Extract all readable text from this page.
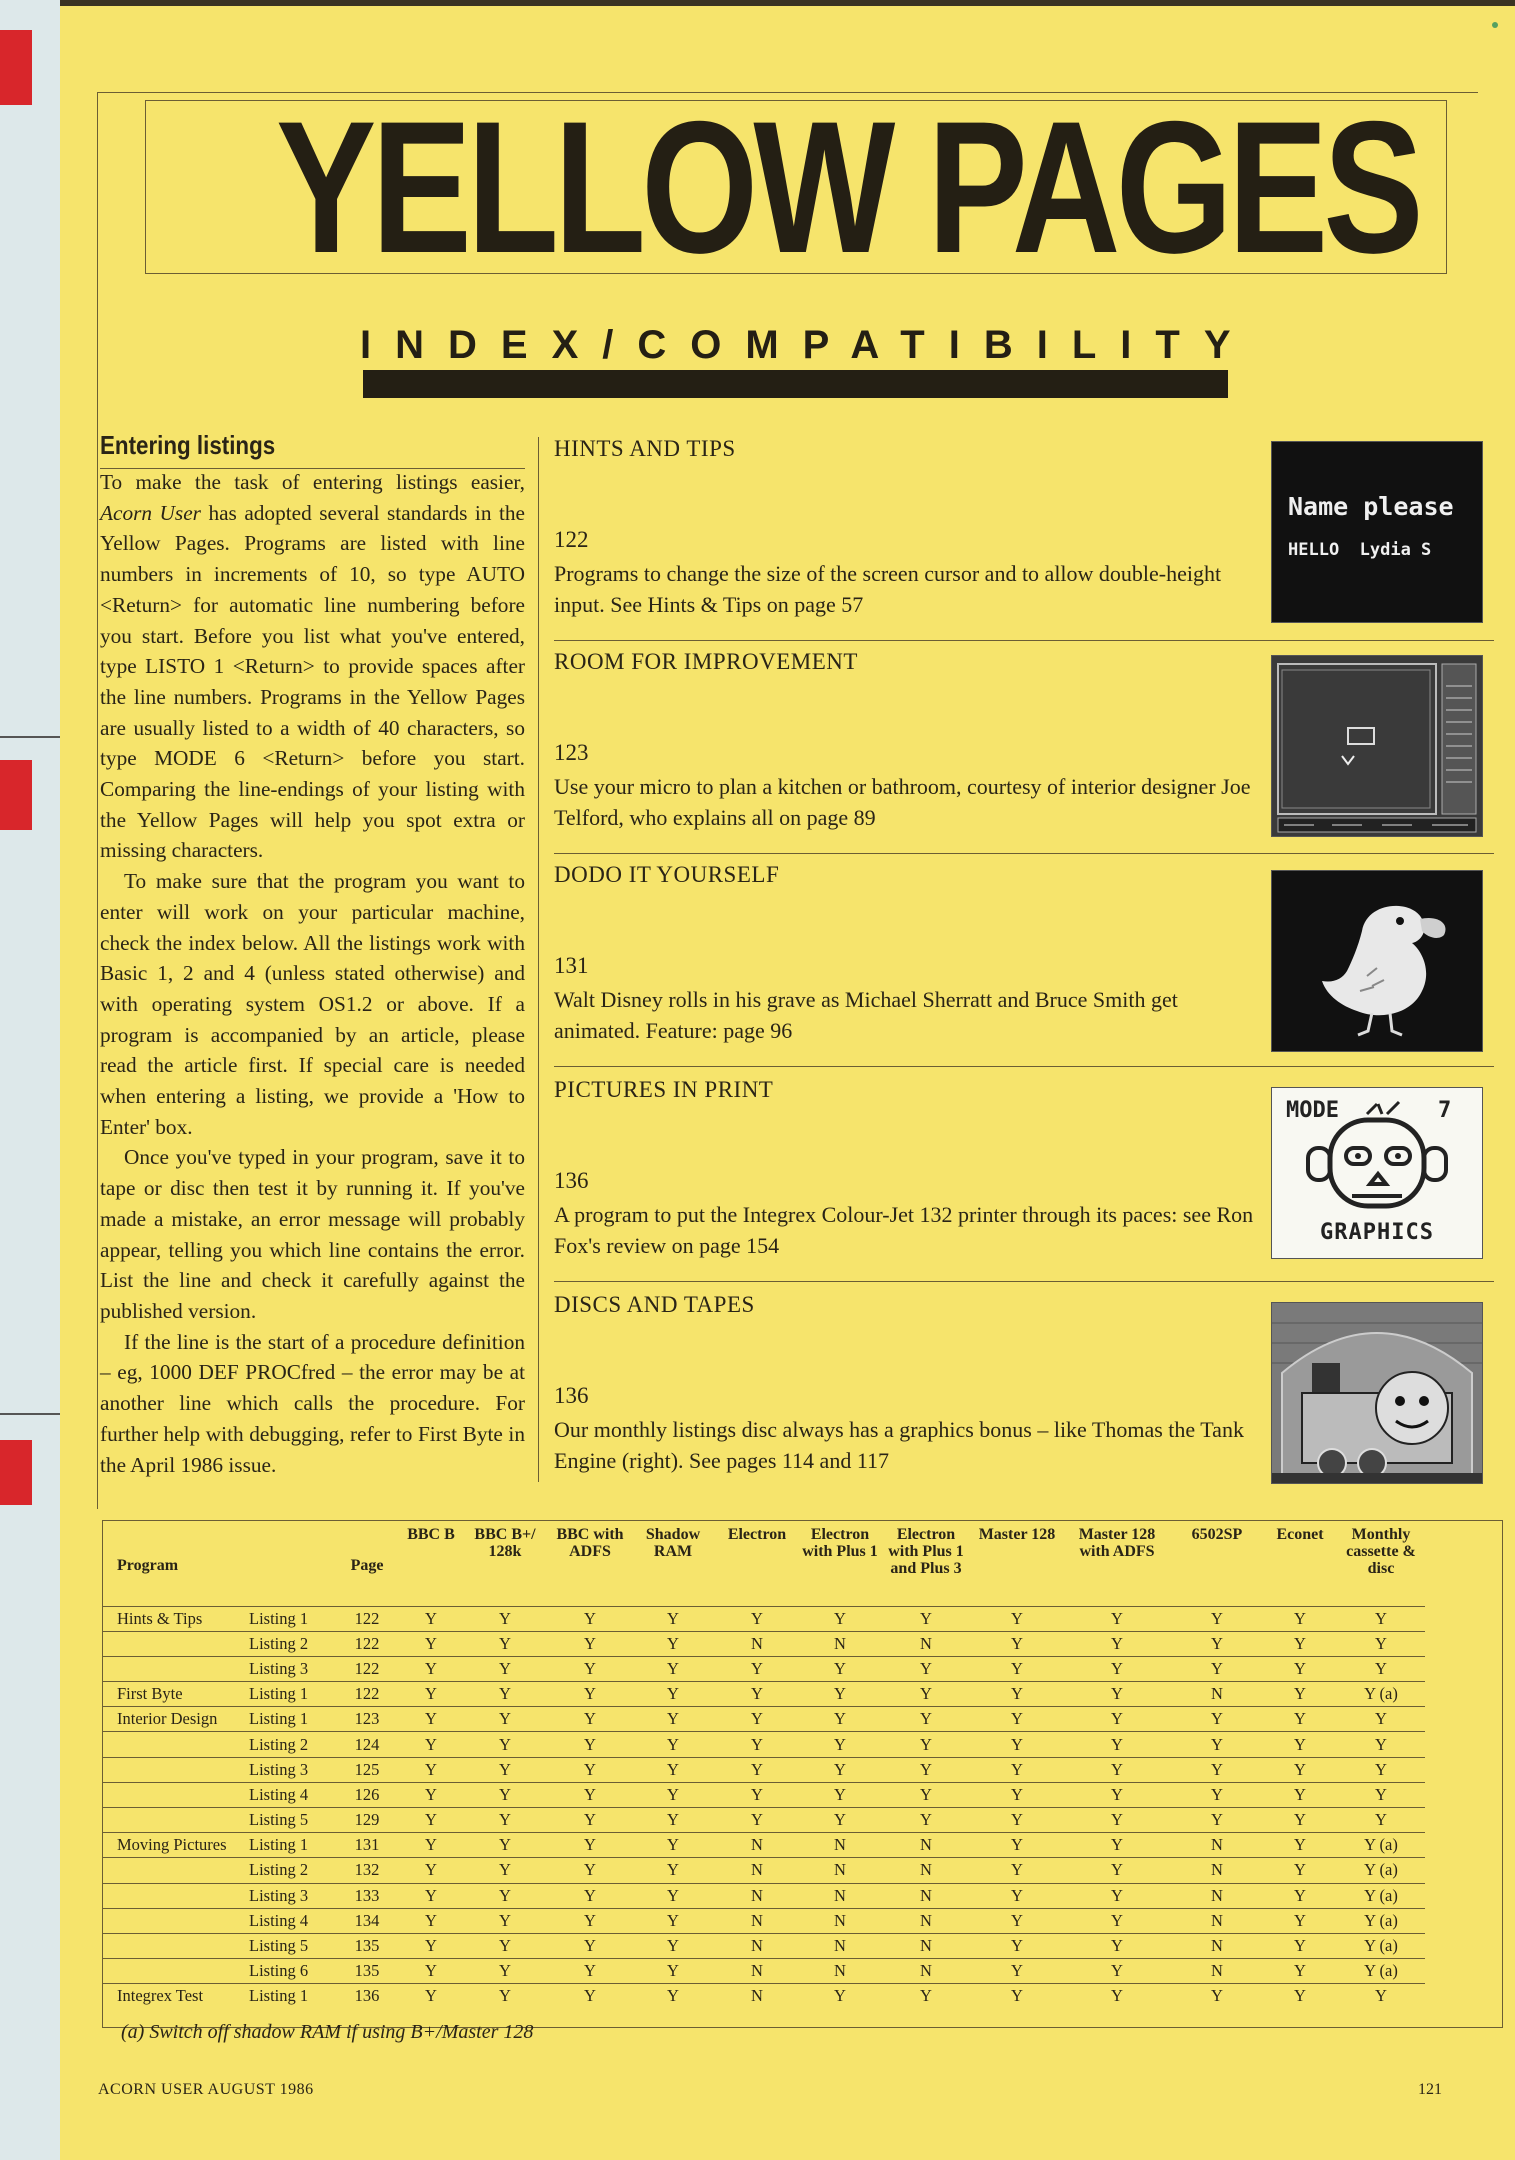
YELLOW PAGES
INDEX/COMPATIBILITY
Entering listings

To make the task of entering listings easier, Acorn User has adopted several standards in the Yellow Pages. Programs are listed with line numbers in increments of 10, so type AUTO <Return> for automatic line numbering before you start. Before you list what you've entered, type LISTO 1 <Return> to provide spaces after the line numbers. Programs in the Yellow Pages are usually listed to a width of 40 characters, so type MODE 6 <Return> before you start. Comparing the line-endings of your listing with the Yellow Pages will help you spot extra or missing characters.

To make sure that the program you want to enter will work on your particular machine, check the index below. All the listings work with Basic 1, 2 and 4 (unless stated otherwise) and with operating system OS1.2 or above. If a program is accompanied by an article, please read the article first. If special care is needed when entering a listing, we provide a 'How to Enter' box.

Once you've typed in your program, save it to tape or disc then test it by running it. If you've made a mistake, an error message will probably appear, telling you which line contains the error. List the line and check it carefully against the published version.

If the line is the start of a procedure definition – eg, 1000 DEF PROCfred – the error may be at another line which calls the procedure. For further help with debugging, refer to First Byte in the April 1986 issue.

HINTS AND TIPS
122
Programs to change the size of the screen cursor and to allow double-height input. See Hints & Tips on page 57
ROOM FOR IMPROVEMENT
123
Use your micro to plan a kitchen or bathroom, courtesy of interior designer Joe Telford, who explains all on page 89
DODO IT YOURSELF
131
Walt Disney rolls in his grave as Michael Sherratt and Bruce Smith get animated. Feature: page 96
PICTURES IN PRINT
136
A program to put the Integrex Colour-Jet 132 printer through its paces: see Ron Fox's review on page 154
DISCS AND TAPES
136
Our monthly listings disc always has a graphics bonus – like Thomas the Tank Engine (right). See pages 114 and 117
Name please
HELLO  Lydia S
MODE	7
GRAPHICS
Program		Page	BBC B	BBC B+/ 128k	BBC with ADFS	Shadow RAM	Electron	Electron with Plus 1	Electron with Plus 1 and Plus 3	Master 128	Master 128 with ADFS	6502SP	Econet	Monthly cassette & disc
Hints & Tips	Listing 1	122	Y	Y	Y	Y	Y	Y	Y	Y	Y	Y	Y	Y
	Listing 2	122	Y	Y	Y	Y	N	N	N	Y	Y	Y	Y	Y
	Listing 3	122	Y	Y	Y	Y	Y	Y	Y	Y	Y	Y	Y	Y
First Byte	Listing 1	122	Y	Y	Y	Y	Y	Y	Y	Y	Y	N	Y	Y (a)
Interior Design	Listing 1	123	Y	Y	Y	Y	Y	Y	Y	Y	Y	Y	Y	Y
	Listing 2	124	Y	Y	Y	Y	Y	Y	Y	Y	Y	Y	Y	Y
	Listing 3	125	Y	Y	Y	Y	Y	Y	Y	Y	Y	Y	Y	Y
	Listing 4	126	Y	Y	Y	Y	Y	Y	Y	Y	Y	Y	Y	Y
	Listing 5	129	Y	Y	Y	Y	Y	Y	Y	Y	Y	Y	Y	Y
Moving Pictures	Listing 1	131	Y	Y	Y	Y	N	N	N	Y	Y	N	Y	Y (a)
	Listing 2	132	Y	Y	Y	Y	N	N	N	Y	Y	N	Y	Y (a)
	Listing 3	133	Y	Y	Y	Y	N	N	N	Y	Y	N	Y	Y (a)
	Listing 4	134	Y	Y	Y	Y	N	N	N	Y	Y	N	Y	Y (a)
	Listing 5	135	Y	Y	Y	Y	N	N	N	Y	Y	N	Y	Y (a)
	Listing 6	135	Y	Y	Y	Y	N	N	N	Y	Y	N	Y	Y (a)
Integrex Test	Listing 1	136	Y	Y	Y	Y	N	Y	Y	Y	Y	Y	Y	Y
(a) Switch off shadow RAM if using B+/Master 128
ACORN USER AUGUST 1986	121
